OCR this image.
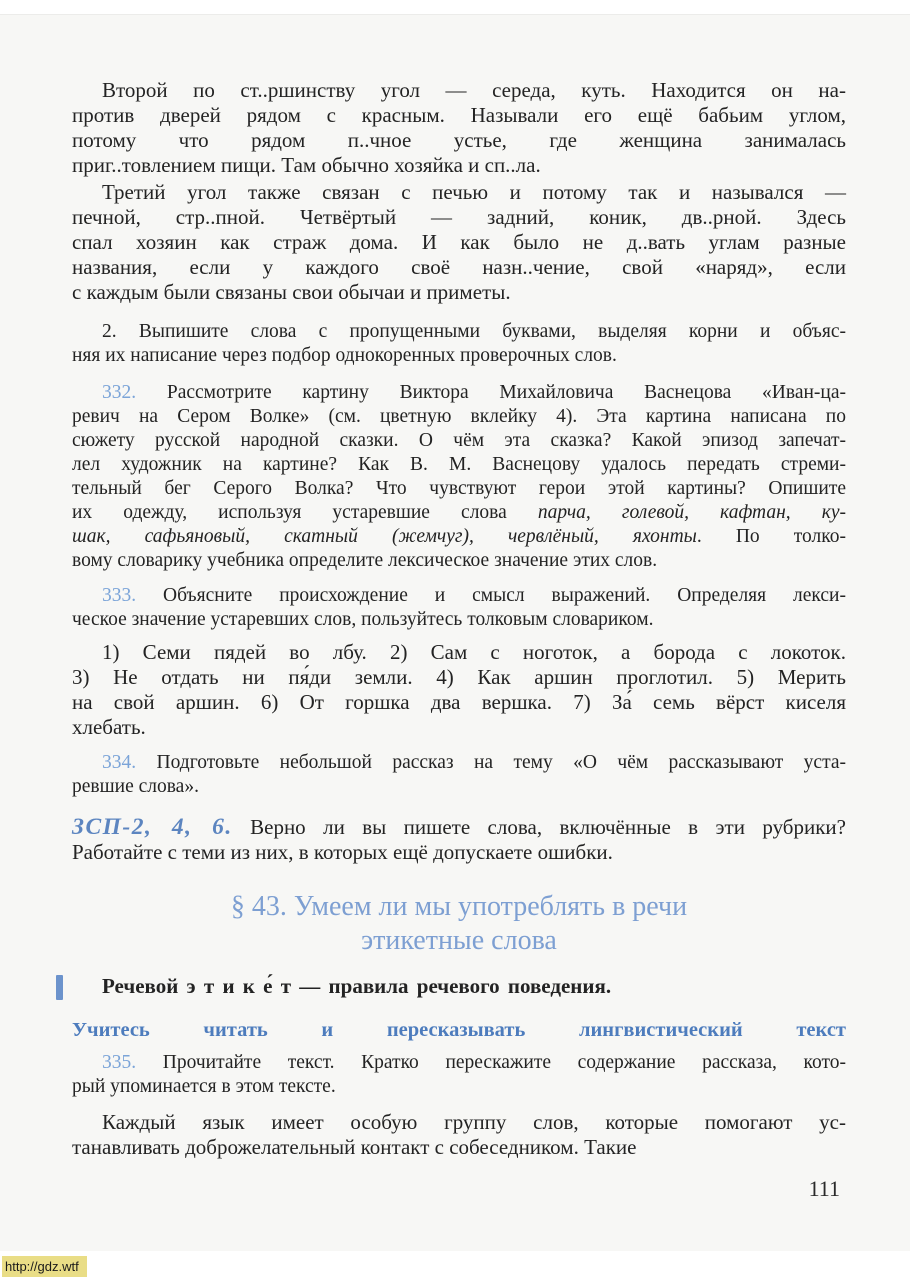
Второй по ст..ршинству угол — середа, куть. Находится он на-
против дверей рядом с красным. Называли его ещё бабьим углом,
потому что рядом п..чное устье, где женщина занималась
приг..товлением пищи. Там обычно хозяйка и сп..ла.
Третий угол также связан с печью и потому так и назывался —
печной, стр..пной. Четвёртый — задний, коник, дв..рной. Здесь
спал хозяин как страж дома. И как было не д..вать углам разные
названия, если у каждого своё назн..чение, свой «наряд», если
с каждым были связаны свои обычаи и приметы.
2. Выпишите слова с пропущенными буквами, выделяя корни и объяс-
няя их написание через подбор однокоренных проверочных слов.
332. Рассмотрите картину Виктора Михайловича Васнецова «Иван-ца-
ревич на Сером Волке» (см. цветную вклейку 4). Эта картина написана по
сюжету русской народной сказки. О чём эта сказка? Какой эпизод запечат-
лел художник на картине? Как В. М. Васнецову удалось передать стреми-
тельный бег Серого Волка? Что чувствуют герои этой картины? Опишите
их одежду, используя устаревшие слова парча, голевой, кафтан, ку-
шак, сафьяновый, скатный (жемчуг), червлёный, яхонты. По толко-
вому словарику учебника определите лексическое значение этих слов.
333. Объясните происхождение и смысл выражений. Определяя лекси-
ческое значение устаревших слов, пользуйтесь толковым словариком.
1) Семи пядей во лбу. 2) Сам с ноготок, а борода с локоток.
3) Не отдать ни пя́ди земли. 4) Как аршин проглотил. 5) Мерить
на свой аршин. 6) От горшка два вершка. 7) За́ семь вёрст киселя
хлебать.
334. Подготовьте небольшой рассказ на тему «О чём рассказывают уста-
ревшие слова».
ЗСП-2, 4, 6. Верно ли вы пишете слова, включённые в эти рубрики?
Работайте с теми из них, в которых ещё допускаете ошибки.
§ 43. Умеем ли мы употреблять в речи
этикетные слова
Речевой э т и к е́ т — правила речевого поведения.
Учитесь читать и пересказывать лингвистический текст
335. Прочитайте текст. Кратко перескажите содержание рассказа, кото-
рый упоминается в этом тексте.
Каждый язык имеет особую группу слов, которые помогают ус-
танавливать доброжелательный контакт с собеседником. Такие
111
http://gdz.wtf
